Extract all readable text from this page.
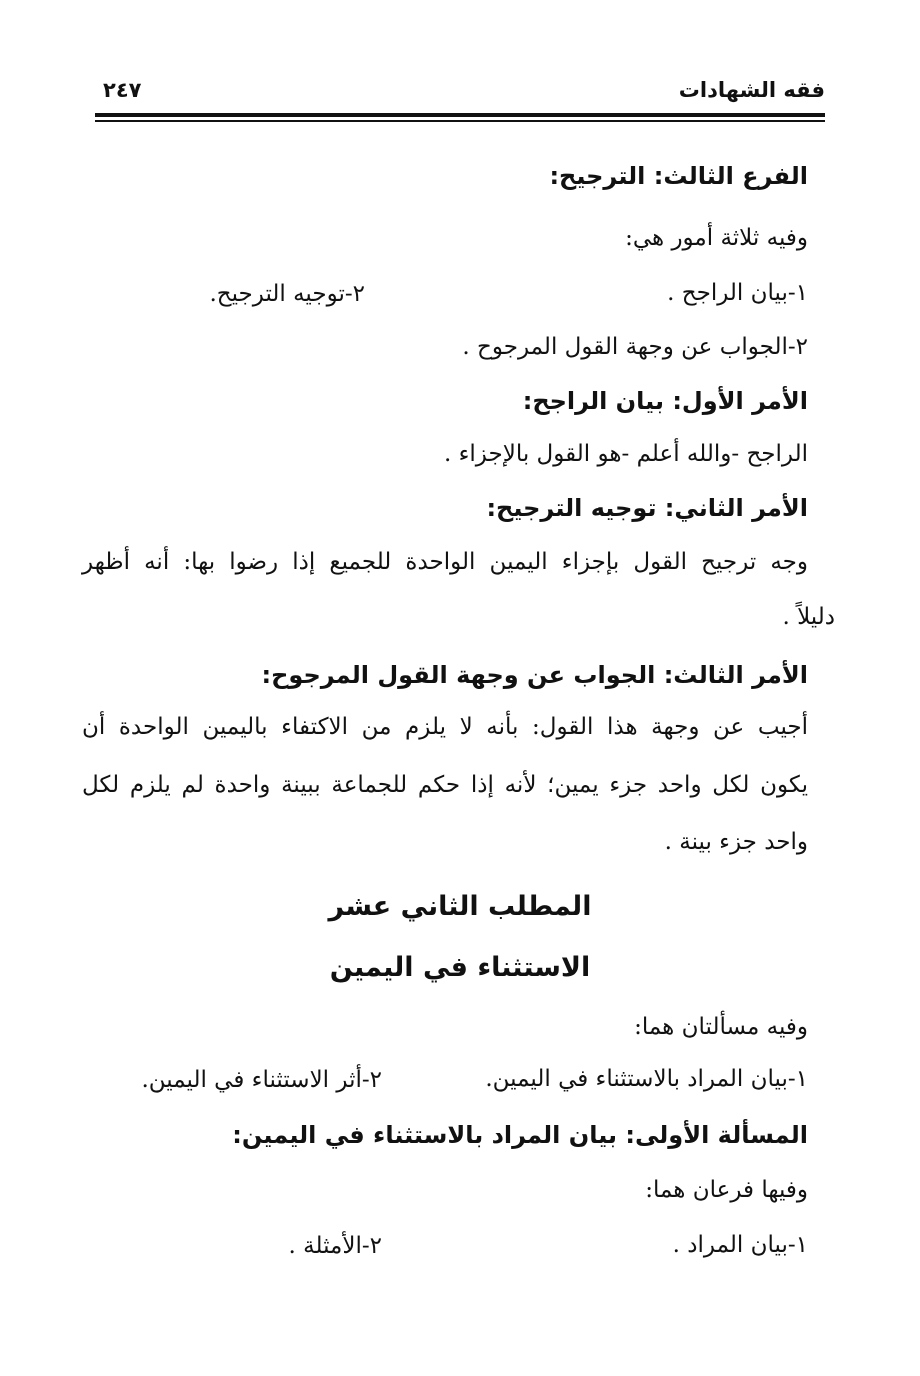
فقه الشهادات
٢٤٧
الفرع الثالث: الترجيح:
وفيه ثلاثة أمور هي:
١-بيان الراجح .
٢-توجيه الترجيح.
٢-الجواب عن وجهة القول المرجوح .
الأمر الأول: بيان الراجح:
الراجح -والله أعلم -هو القول بالإجزاء .
الأمر الثاني: توجيه الترجيح:
وجه ترجيح القول بإجزاء اليمين الواحدة للجميع إذا رضوا بها: أنه أظهر
دليلاً .
الأمر الثالث: الجواب عن وجهة القول المرجوح:
أجيب عن وجهة هذا القول: بأنه لا يلزم من الاكتفاء باليمين الواحدة أن
يكون لكل واحد جزء يمين؛ لأنه إذا حكم للجماعة ببينة واحدة لم يلزم لكل
واحد جزء بينة .
المطلب الثاني عشر
الاستثناء في اليمين
وفيه مسألتان هما:
١-بيان المراد بالاستثناء في اليمين.
٢-أثر الاستثناء في اليمين.
المسألة الأولى: بيان المراد بالاستثناء في اليمين:
وفيها فرعان هما:
١-بيان المراد .
٢-الأمثلة .
